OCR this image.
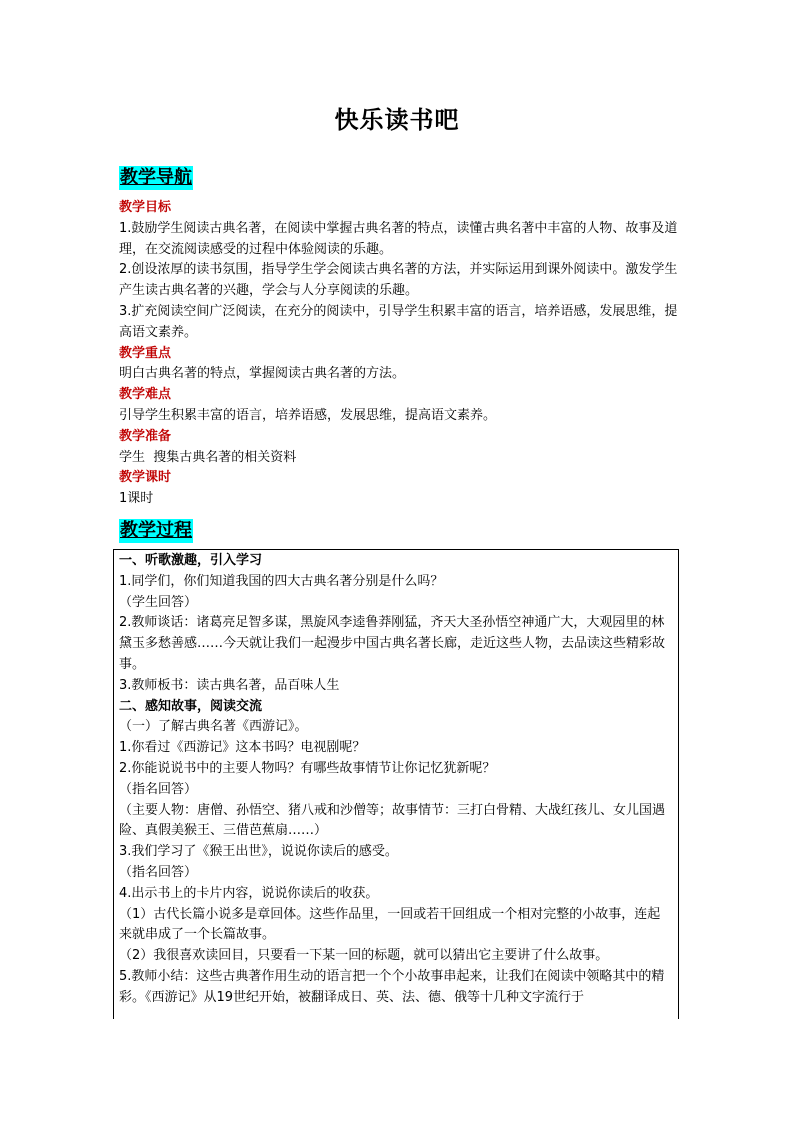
快乐读书吧
教学导航

教学目标

1.鼓励学生阅读古典名著，在阅读中掌握古典名著的特点，读懂古典名著中丰富的人物、故事及道理，在交流阅读感受的过程中体验阅读的乐趣。

2.创设浓厚的读书氛围，指导学生学会阅读古典名著的方法，并实际运用到课外阅读中。激发学生产生读古典名著的兴趣，学会与人分享阅读的乐趣。

3.扩充阅读空间广泛阅读，在充分的阅读中，引导学生积累丰富的语言，培养语感，发展思维，提高语文素养。

教学重点

明白古典名著的特点，掌握阅读古典名著的方法。

教学难点

引导学生积累丰富的语言，培养语感，发展思维，提高语文素养。

教学准备

学生  搜集古典名著的相关资料

教学课时

1课时

教学过程

一、听歌激趣，引入学习

1.同学们，你们知道我国的四大古典名著分别是什么吗？

（学生回答）

2.教师谈话：诸葛亮足智多谋，黑旋风李逵鲁莽刚猛，齐天大圣孙悟空神通广大，大观园里的林黛玉多愁善感……今天就让我们一起漫步中国古典名著长廊，走近这些人物，去品读这些精彩故事。

3.教师板书：读古典名著，品百味人生

二、感知故事，阅读交流

（一）了解古典名著《西游记》。

1.你看过《西游记》这本书吗？电视剧呢？

2.你能说说书中的主要人物吗？有哪些故事情节让你记忆犹新呢？

（指名回答）

（主要人物：唐僧、孙悟空、猪八戒和沙僧等；故事情节：三打白骨精、大战红孩儿、女儿国遇险、真假美猴王、三借芭蕉扇……）

3.我们学习了《猴王出世》，说说你读后的感受。

（指名回答）

4.出示书上的卡片内容，说说你读后的收获。

（1）古代长篇小说多是章回体。这些作品里，一回或若干回组成一个相对完整的小故事，连起来就串成了一个长篇故事。

（2）我很喜欢读回目，只要看一下某一回的标题，就可以猜出它主要讲了什么故事。

5.教师小结：这些古典著作用生动的语言把一个个小故事串起来，让我们在阅读中领略其中的精彩。《西游记》从19世纪开始，被翻译成日、英、法、德、俄等十几种文字流行于
